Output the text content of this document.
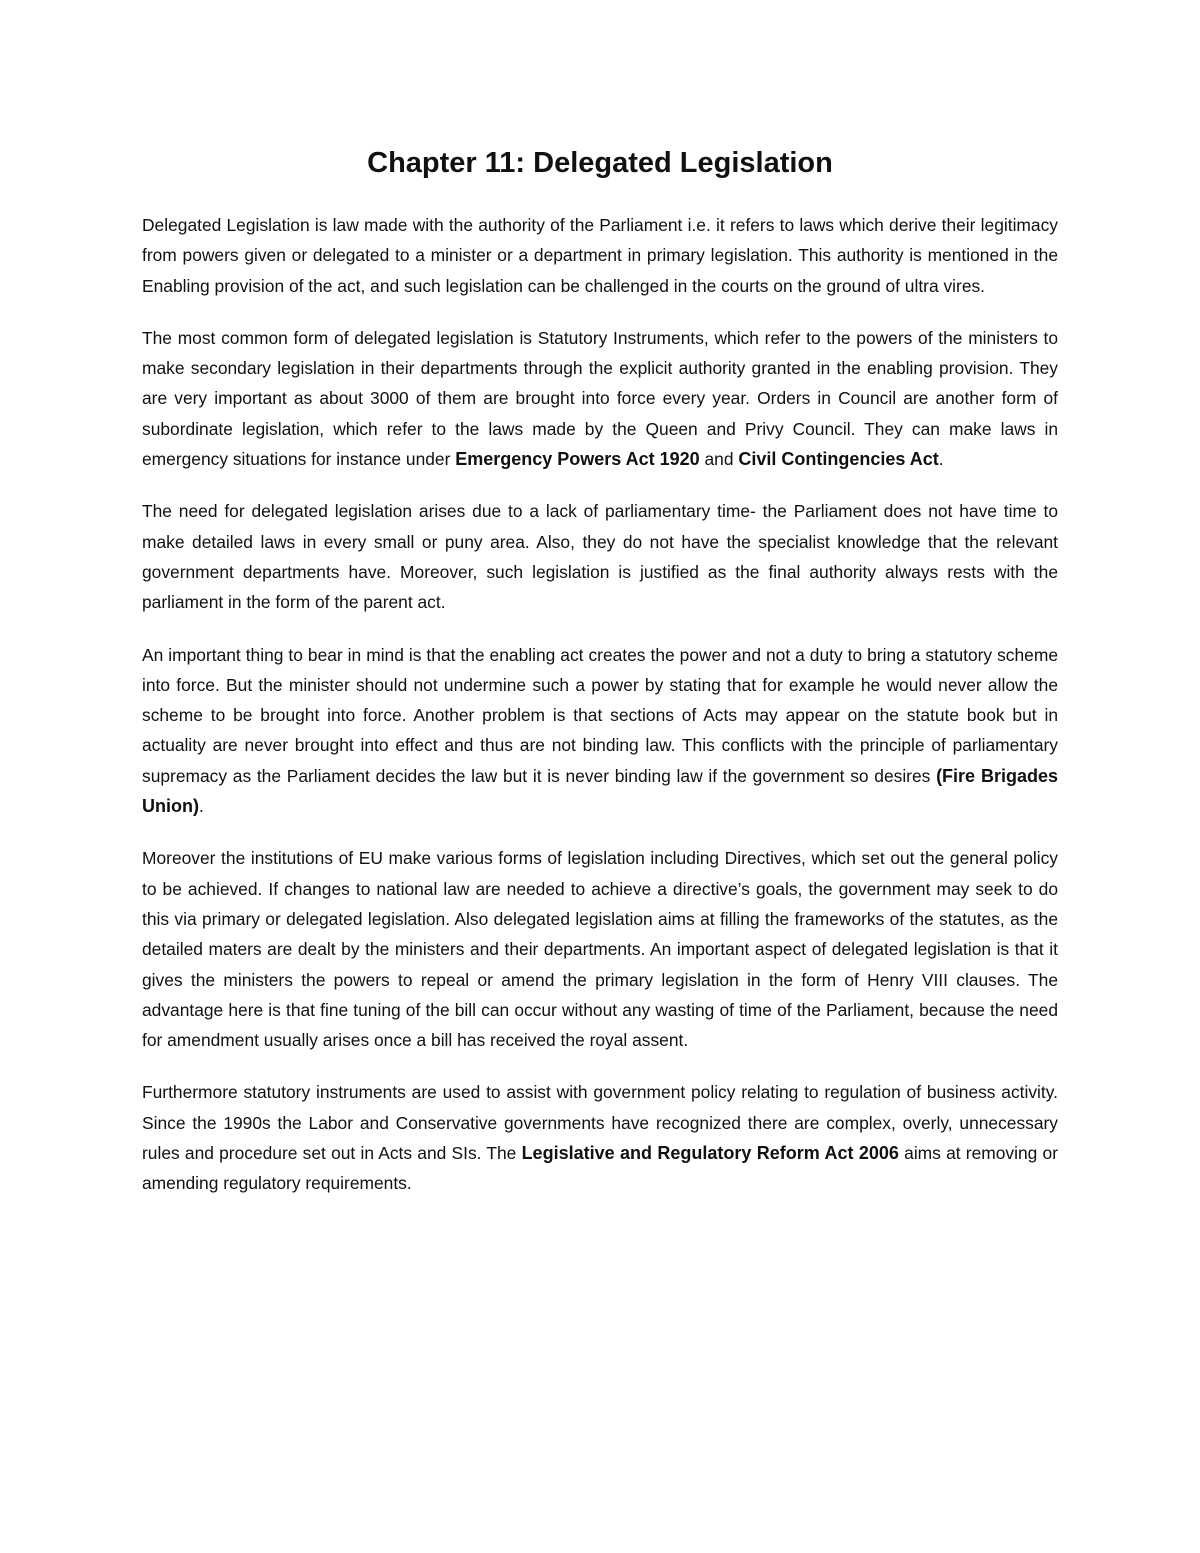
Chapter 11: Delegated Legislation

Delegated Legislation is law made with the authority of the Parliament i.e. it refers to laws which derive their legitimacy from powers given or delegated to a minister or a department in primary legislation. This authority is mentioned in the Enabling provision of the act, and such legislation can be challenged in the courts on the ground of ultra vires.

The most common form of delegated legislation is Statutory Instruments, which refer to the powers of the ministers to make secondary legislation in their departments through the explicit authority granted in the enabling provision. They are very important as about 3000 of them are brought into force every year. Orders in Council are another form of subordinate legislation, which refer to the laws made by the Queen and Privy Council. They can make laws in emergency situations for instance under Emergency Powers Act 1920 and Civil Contingencies Act.

The need for delegated legislation arises due to a lack of parliamentary time- the Parliament does not have time to make detailed laws in every small or puny area. Also, they do not have the specialist knowledge that the relevant government departments have. Moreover, such legislation is justified as the final authority always rests with the parliament in the form of the parent act.

An important thing to bear in mind is that the enabling act creates the power and not a duty to bring a statutory scheme into force. But the minister should not undermine such a power by stating that for example he would never allow the scheme to be brought into force. Another problem is that sections of Acts may appear on the statute book but in actuality are never brought into effect and thus are not binding law. This conflicts with the principle of parliamentary supremacy as the Parliament decides the law but it is never binding law if the government so desires (Fire Brigades Union).

Moreover the institutions of EU make various forms of legislation including Directives, which set out the general policy to be achieved. If changes to national law are needed to achieve a directive’s goals, the government may seek to do this via primary or delegated legislation. Also delegated legislation aims at filling the frameworks of the statutes, as the detailed maters are dealt by the ministers and their departments. An important aspect of delegated legislation is that it gives the ministers the powers to repeal or amend the primary legislation in the form of Henry VIII clauses. The advantage here is that fine tuning of the bill can occur without any wasting of time of the Parliament, because the need for amendment usually arises once a bill has received the royal assent.

Furthermore statutory instruments are used to assist with government policy relating to regulation of business activity. Since the 1990s the Labor and Conservative governments have recognized there are complex, overly, unnecessary rules and procedure set out in Acts and SIs. The Legislative and Regulatory Reform Act 2006 aims at removing or amending regulatory requirements.
